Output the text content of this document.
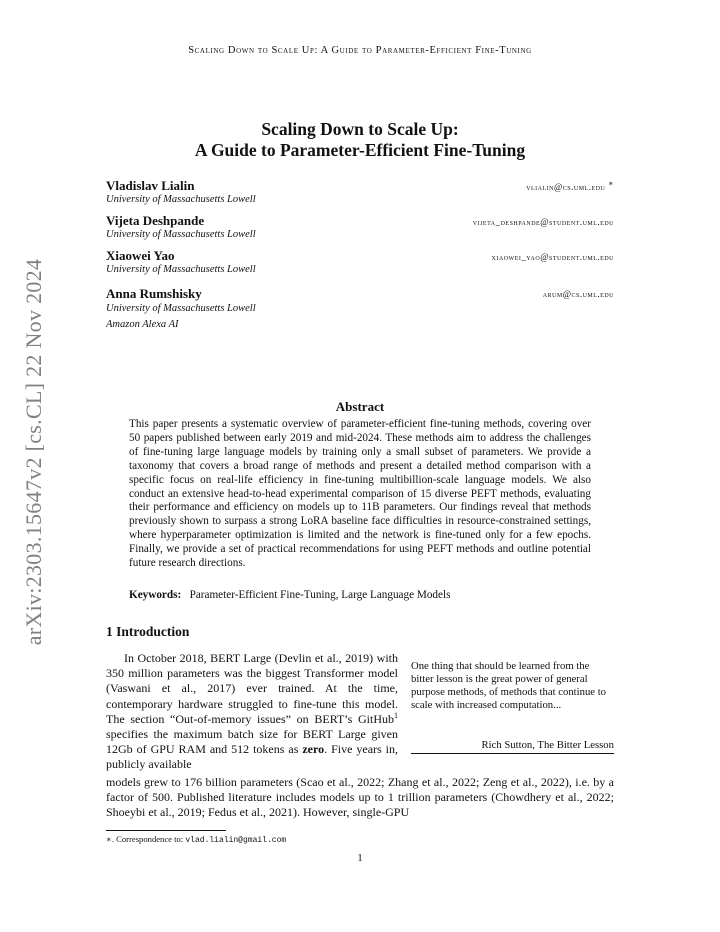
Scaling Down to Scale Up: A Guide to Parameter-Efficient Fine-Tuning
Scaling Down to Scale Up:
A Guide to Parameter-Efficient Fine-Tuning
Vladislav Lialin	vlialin@cs.uml.edu ∗
University of Massachusetts Lowell
Vijeta Deshpande	vijeta_deshpande@student.uml.edu
University of Massachusetts Lowell
Xiaowei Yao	xiaowei_yao@student.uml.edu
University of Massachusetts Lowell
Anna Rumshisky	arum@cs.uml.edu
University of Massachusetts Lowell
Amazon Alexa AI
arXiv:2303.15647v2 [cs.CL] 22 Nov 2024	Abstract
This paper presents a systematic overview of parameter-efficient fine-tuning methods, covering over 50 papers published between early 2019 and mid-2024. These methods aim to address the challenges of fine-tuning large language models by training only a small subset of parameters. We provide a taxonomy that covers a broad range of methods and present a detailed method comparison with a specific focus on real-life efficiency in fine-tuning multibillion-scale language models. We also conduct an extensive head-to-head experimental comparison of 15 diverse PEFT methods, evaluating their performance and efficiency on models up to 11B parameters. Our findings reveal that methods previously shown to surpass a strong LoRA baseline face difficulties in resource-constrained settings, where hyperparameter optimization is limited and the network is fine-tuned only for a few epochs. Finally, we provide a set of practical recommendations for using PEFT methods and outline potential future research directions.
Keywords: Parameter-Efficient Fine-Tuning, Large Language Models
1 Introduction

In October 2018, BERT Large (Devlin et al., 2019) with 350 million parameters was the biggest Transformer model (Vaswani et al., 2017) ever trained. At the time, contemporary hardware struggled to fine-tune this model. The section “Out-of-memory issues” on BERT’s GitHub$^1$ specifies the maximum batch size for BERT Large given 12Gb of GPU RAM and 512 tokens as zero. Five years in, publicly available

One thing that should be learned from the bitter lesson is the great power of general purpose methods, of methods that continue to scale with increased computation...
Rich Sutton, The Bitter Lesson
models grew to 176 billion parameters (Scao et al., 2022; Zhang et al., 2022; Zeng et al., 2022), i.e. by a factor of 500. Published literature includes models up to 1 trillion parameters (Chowdhery et al., 2022; Shoeybi et al., 2019; Fedus et al., 2021). However, single-GPU
∗. Correspondence to: vlad.lialin@gmail.com
1
